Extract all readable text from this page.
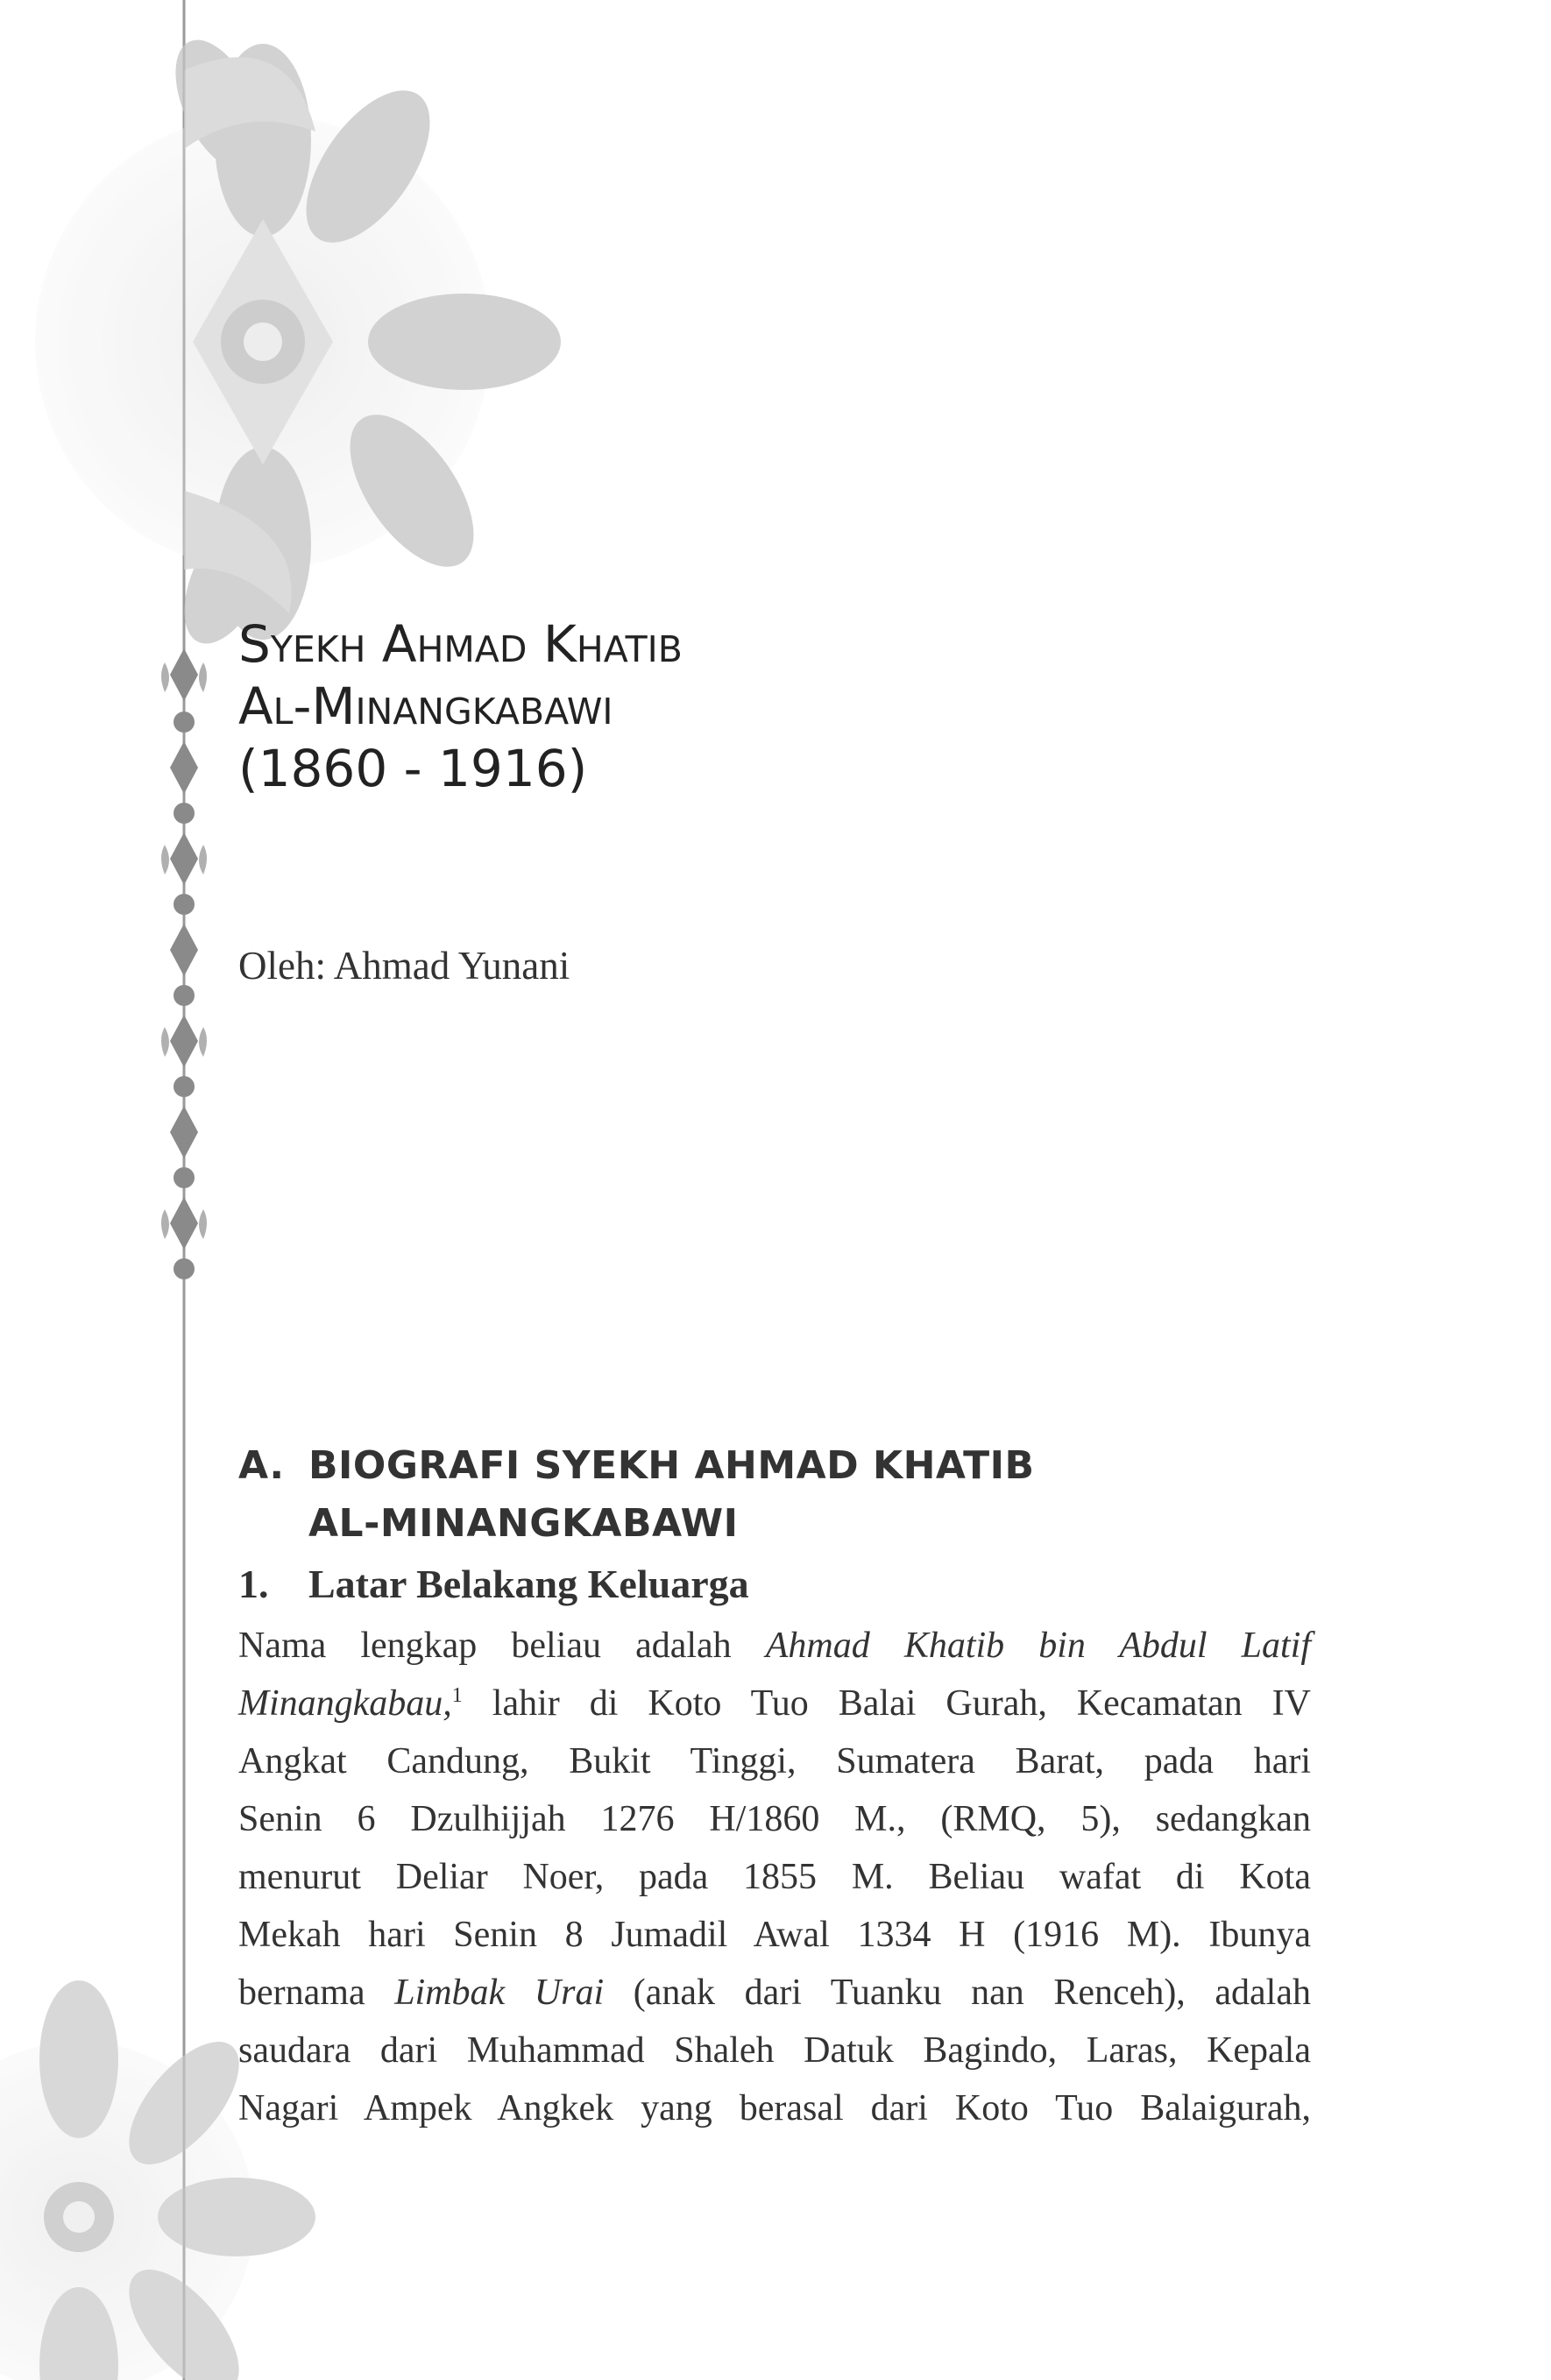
Syekh Ahmad Khatib
Al-Minangkabawi
(1860 - 1916)
Oleh: Ahmad Yunani
A. BIOGRAFI SYEKH AHMAD KHATIB
AL-MINANGKABAWI
1. Latar Belakang Keluarga
Nama lengkap beliau adalah Ahmad Khatib bin Abdul Latif
Minangkabau,$^1$ lahir di Koto Tuo Balai Gurah, Kecamatan IV
Angkat Candung, Bukit Tinggi, Sumatera Barat, pada hari
Senin 6 Dzulhijjah 1276 H/1860 M., (RMQ, 5), sedangkan
menurut Deliar Noer, pada 1855 M. Beliau wafat di Kota
Mekah hari Senin 8 Jumadil Awal 1334 H (1916 M). Ibunya
bernama Limbak Urai (anak dari Tuanku nan Renceh), adalah
saudara dari Muhammad Shaleh Datuk Bagindo, Laras, Kepala
Nagari Ampek Angkek yang berasal dari Koto Tuo Balaigurah,
